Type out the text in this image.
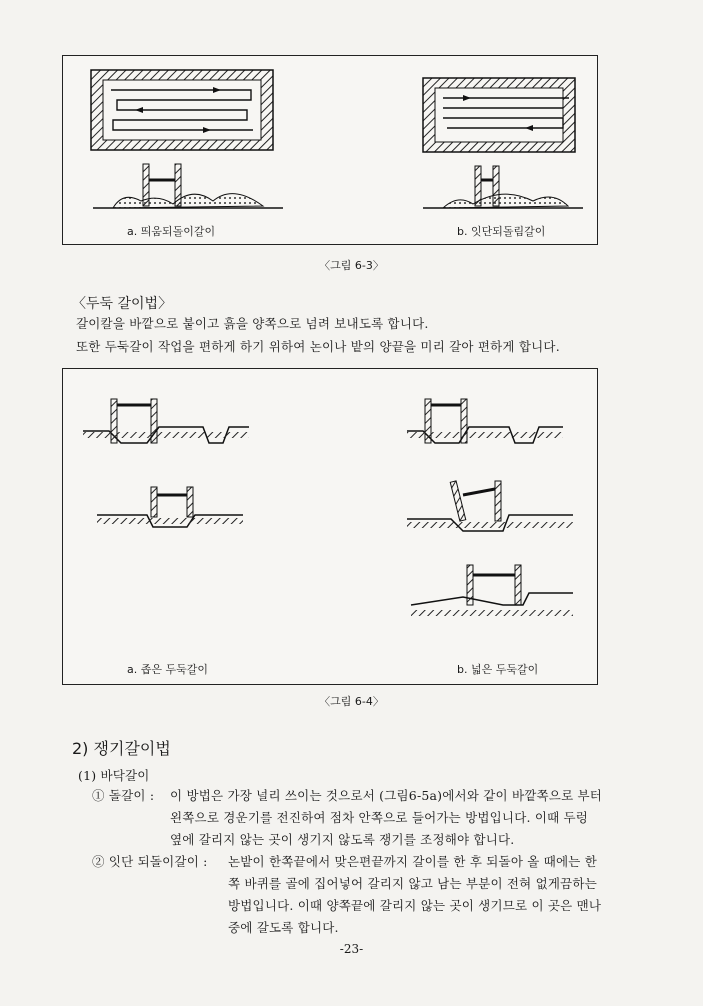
a. 띄움되돌이갈이	b. 잇단되돌림갈이
〈그림 6-3〉
〈두둑 갈이법〉
갈이칼을 바깥으로 붙이고 흙을 양쪽으로 넘려 보내도록 합니다.
또한 두둑갈이 작업을 편하게 하기 위하여 논이나 밭의 양끝을 미리 갈아 편하게 합니다.
a. 좁은 두둑갈이	b. 넓은 두둑갈이
〈그림 6-4〉
2) 쟁기갈이법
(1) 바닥갈이
① 돌갈이 : 이 방법은 가장 널리 쓰이는 것으로서 (그림6-5a)에서와 같이 바깥쪽으로 부터
왼쪽으로 경운기를 전진하여 점차 안쪽으로 들어가는 방법입니다. 이때 두렁
옆에 갈리지 않는 곳이 생기지 않도록 쟁기를 조정해야 합니다.
② 잇단 되돌이갈이 : 논밭이 한쪽끝에서 맞은편끝까지 갈이를 한 후 되돌아 올 때에는 한
쪽 바퀴를 골에 집어넣어 갈리지 않고 남는 부분이 전혀 없게끔하는
방법입니다. 이때 양쪽끝에 갈리지 않는 곳이 생기므로 이 곳은 맨나
중에 갈도록 합니다.
-23-
